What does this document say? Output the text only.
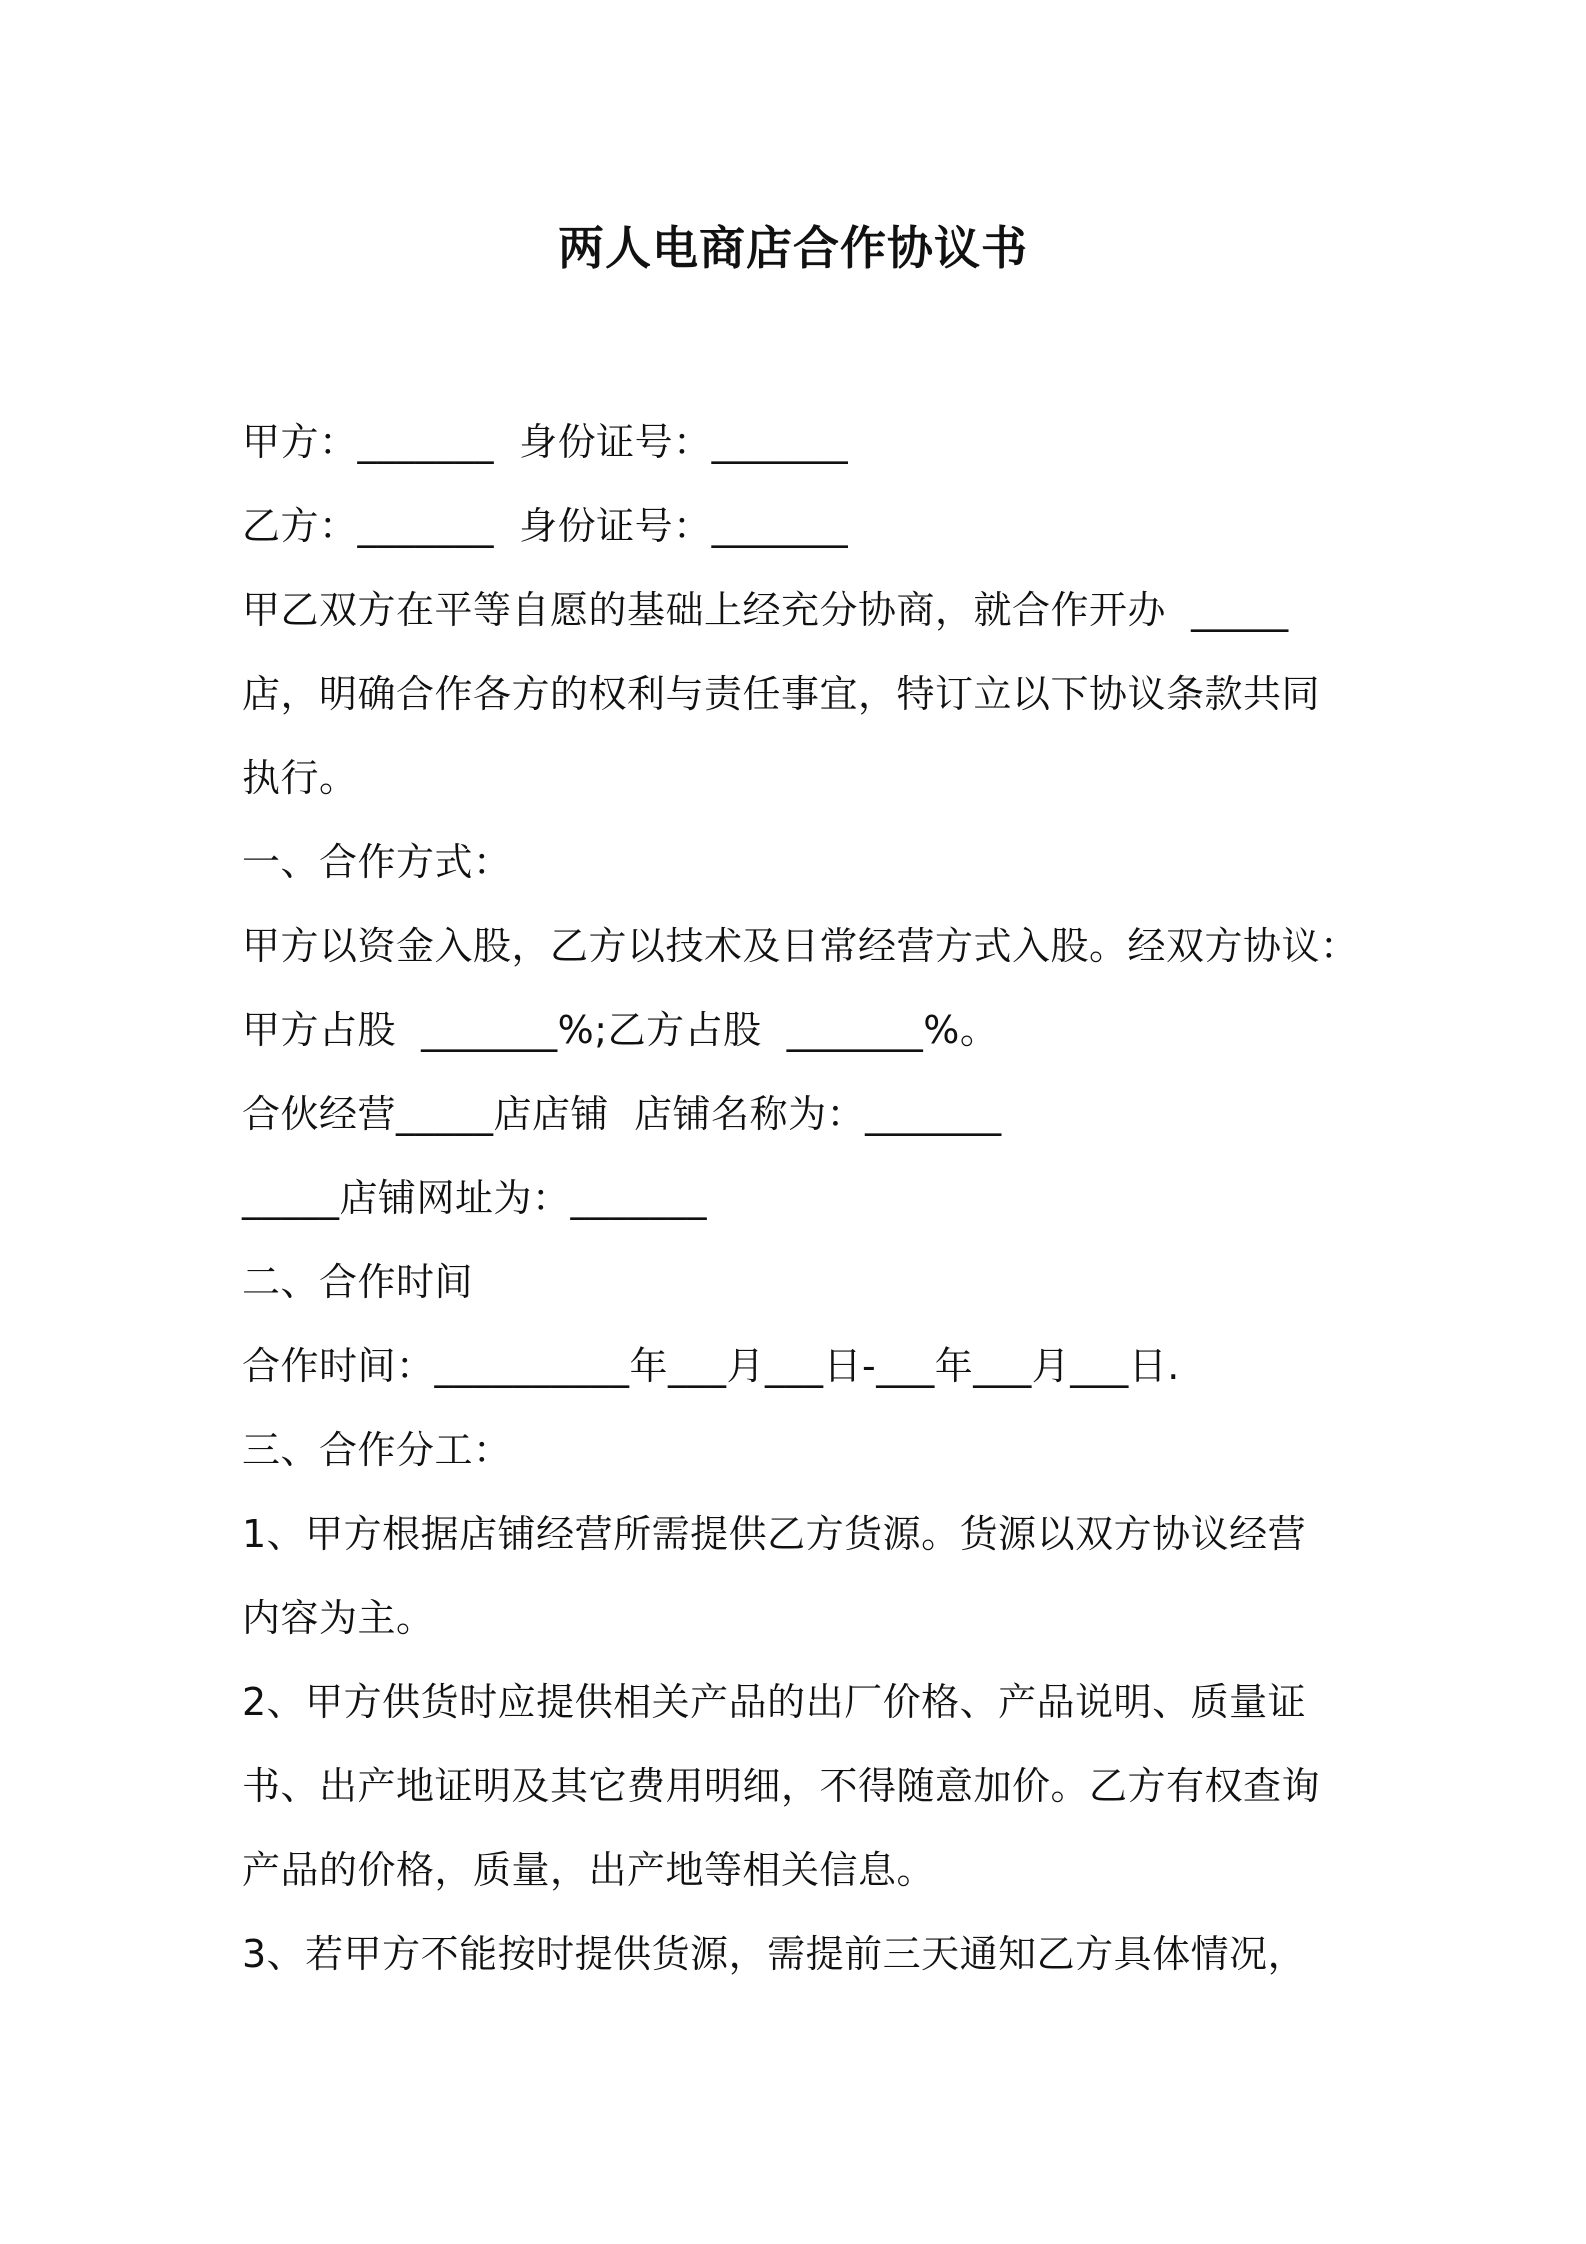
两人电商店合作协议书
甲方：_______  身份证号：_______
乙方：_______  身份证号：_______
甲乙双方在平等自愿的基础上经充分协商，就合作开办  _____
店，明确合作各方的权利与责任事宜，特订立以下协议条款共同
执行。
一、合作方式：
甲方以资金入股，乙方以技术及日常经营方式入股。经双方协议：
甲方占股  _______%;乙方占股  _______%。
合伙经营_____店店铺  店铺名称为：_______
_____店铺网址为：_______
二、合作时间
合作时间：__________年___月___日-___年___月___日.
三、合作分工：
1、甲方根据店铺经营所需提供乙方货源。货源以双方协议经营
内容为主。
2、甲方供货时应提供相关产品的出厂价格、产品说明、质量证
书、出产地证明及其它费用明细，不得随意加价。乙方有权查询
产品的价格，质量，出产地等相关信息。
3、若甲方不能按时提供货源，需提前三天通知乙方具体情况，
